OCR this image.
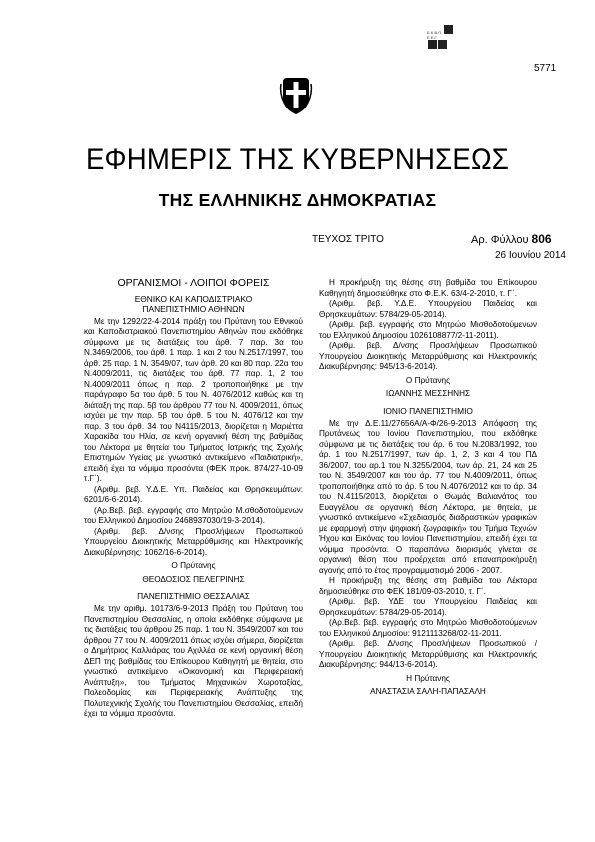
Ε.Κ.Β.Π.
Ε.Ε.Γ.
5771
ΕΦΗΜΕΡΙΣ ΤΗΣ ΚΥΒΕΡΝΗΣΕΩΣ
ΤΗΣ ΕΛΛΗΝΙΚΗΣ ΔΗΜΟΚΡΑΤΙΑΣ
ΤΕΥΧΟΣ ΤΡΙΤΟ	Αρ. Φύλλου 806
26 Ιουνίου 2014

ΟΡΓΑΝΙΣΜΟΙ - ΛΟΙΠΟΙ ΦΟΡΕΙΣ

ΕΘΝΙΚΟ ΚΑΙ ΚΑΠΟΔΙΣΤΡΙΑΚΟ

ΠΑΝΕΠΙΣΤΗΜΙΟ ΑΘΗΝΩΝ

Με την 1292/22-4-2014 πράξη του Πρύτανη του Εθνικού και Καποδιστριακού Πανεπιστημίου Αθηνών που εκδόθηκε σύμφωνα με τις διατάξεις του άρθ. 7 παρ. 3α του Ν.3469/2006, του άρθ. 1 παρ. 1 και 2 του Ν.2517/1997, του άρθ. 25 παρ. 1 Ν. 3549/07, των άρθ. 20 και 80 παρ. 22α του Ν.4009/2011, τις διατάξεις του άρθ. 77 παρ. 1, 2 του Ν.4009/2011 όπως η παρ. 2 τροποποιήθηκε με την παράγραφο 5α του άρθ. 5 του Ν. 4076/2012 καθώς και τη διάταξη της παρ. 5β του άρθρου 77 του Ν. 4009/2011, όπως ισχύει με την παρ. 5β του άρθ. 5 του Ν. 4076/12 και την παρ. 3 του άρθ. 34 του Ν4115/2013, διορίζεται η Μαριέττα Χαρακίδα του Ηλία, σε κενή οργανική θέση της βαθμίδας του Λέκτορα με θητεία του Τμήματος Ιατρικής της Σχολής Επιστημών Υγείας με γνωστικό αντικείμενο «Παιδιατρική», επειδή έχει τα νόμιμα προσόντα (ΦΕΚ προκ. 874/27-10-09 τ.Γ΄).

(Αριθμ. βεβ. Υ.Δ.Ε. Υπ. Παιδείας και Θρησκευμάτων: 6201/6-6-2014).

(Αρ.Βεβ. βεβ. εγγραφής στο Μητρώο Μ.σθοδοτούμενων του Ελληνικού Δημοσίου 2468937030/19-3-2014).

(Αριθμ. βεβ. Δ/νσης Προσλήψεων Προσωπικού Υπουργείου Διοικητικής Μεταρρύθμισης και Ηλεκτρονικής Διακυβέρνησης: 1062/16-6-2014).

Ο Πρύτανης

ΘΕΟΔΟΣΙΟΣ ΠΕΛΕΓΡΙΝΗΣ

ΠΑΝΕΠΙΣΤΗΜΙΟ ΘΕΣΣΑΛΙΑΣ

Με την αριθμ. 10173/6-9-2013 Πράξη του Πρύτανη του Πανεπιστημίου Θεσσαλίας, η οποία εκδόθηκε σύμφωνα με τις διατάξεις του άρθρου 25 παρ. 1 του Ν. 3549/2007 και του άρθρου 77 του Ν. 4009/2011 όπως ισχύει σήμερα, διορίζεται ο Δημήτριος Καλλιάρας του Αχιλλέα σε κενή οργανική θέση ΔΕΠ της βαθμίδας του Επίκουρου Καθηγητή με θητεία, στο γνωστικό αντικείμενο «Οικονομική και Περιφερειακή Ανάπτυξη», του Τμήματος Μηχανικών Χωροταξίας, Πολεοδομίας και Περιφερειακής Ανάπτυξης της Πολυτεχνικής Σχολής του Πανεπιστημίου Θεσσαλίας, επειδή έχει τα νόμιμα προσόντα.

Η προκήρυξη της θέσης στη βαθμίδα του Επίκουρου Καθηγητή δημοσιεύθηκε στο Φ.Ε.Κ. 63/4-2-2010, τ. Γ΄.

(Αριθμ. βεβ. Υ.Δ.Ε. Υπουργείου Παιδείας και Θρησκευμάτων: 5784/29-05-2014).

(Αριθμ. βεβ. εγγραφής στο Μητρώο Μισθοδοτούμενων του Ελληνικού Δημοσίου 1026108877/2-11-2011).

(Αριθμ. βεβ. Δ/νσης Προσλήψεων Προσωπικού Υπουργείου Διοικητικής Μεταρρύθμισης και Ηλεκτρονικής Διακυβέρνησης: 945/13-6-2014).

Ο Πρύτανης

ΙΩΑΝΝΗΣ ΜΕΣΣΗΝΗΣ

ΙΟΝΙΟ ΠΑΝΕΠΙΣΤΗΜΙΟ

Με την Δ.Ε.11/27656Α/Α-Φ/26-9-2013 Απόφαση της Πρυτάνεως του Ιονίου Πανεπιστημίου, που εκδόθηκε σύμφωνα με τις διατάξεις του άρ. 6 του Ν.2083/1992, του άρ. 1 του Ν.2517/1997, των άρ. 1, 2, 3 και 4 του ΠΔ 36/2007, του αρ.1 του Ν.3255/2004, των άρ. 21, 24 και 25 του Ν. 3549/2007 και του άρ. 77 του Ν.4009/2011, όπως τροποποιήθηκε από το άρ. 5 του Ν.4076/2012 και το άρ. 34 του Ν.4115/2013, διορίζεται ο Θωμάς Βαλιανάτος του Ευαγγέλου σε οργανική θέση Λέκτορα, με θητεία, με γνωστικό αντικείμενο «Σχεδιασμός διαδραστικών γραφικών με εφαρμογή στην ψηφιακή ζωγραφική» του Τμήμα Τεχνών Ήχου και Εικόνας του Ιονίου Πανεπιστημίου, επειδή έχει τα νόμιμα προσόντα. Ο παραπάνω διορισμός γίνεται σε οργανική θέση που προέρχεται από επαναπροκήρυξη αγονής από το έτος προγραμματισμό 2006 - 2007.

Η προκήρυξη της θέσης στη βαθμίδα του Λέκτορα δημοσιεύθηκε στο ΦΕΚ 181/09-03-2010, τ. Γ΄.

(Αριθμ. βεβ. ΥΔΕ του Υπουργείου Παιδείας και Θρησκευμάτων: 5784/29-05-2014).

(Αρ.Βεβ. βεβ. εγγραφής στο Μητρώο Μισθοδοτούμενων του Ελληνικού Δημοσίου: 9121113268/02-11-2011.

(Αριθμ. βεβ. Δ/νσης Προσλήψεων Προσωπικού / Υπουργείου Διοικητικής Μεταρρύθμισης και Ηλεκτρονικής Διακυβέρνησης: 944/13-6-2014).

Η Πρύτανης

ΑΝΑΣΤΑΣΙΑ ΣΑΛΗ-ΠΑΠΑΣΑΛΗ
